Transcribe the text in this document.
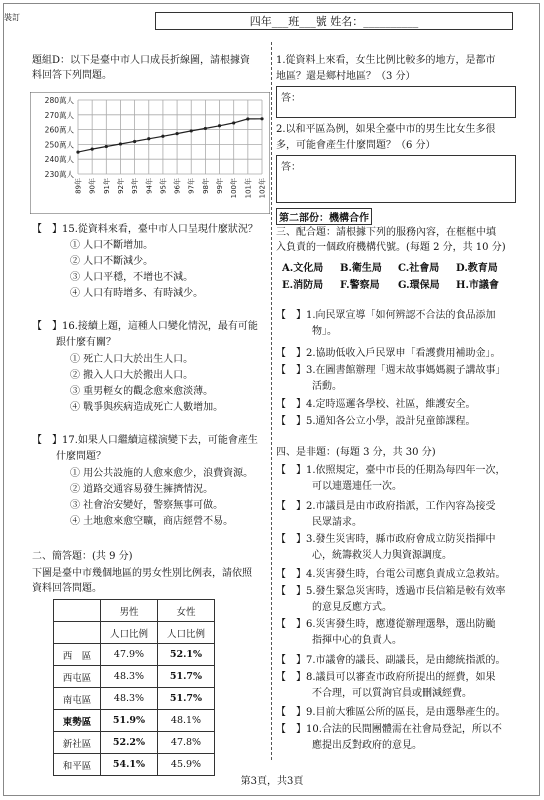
裝訂	四年___班___號 姓名：__________
題組D：以下是臺中市人口成長折線圖，請根據資
料回答下列問題。
280萬人
270萬人
260萬人
250萬人
240萬人
230萬人
89年 90年 91年 92年 93年 94年 95年 96年 97年 98年 99年 100年 101年 102年
【　】15.從資料來看，臺中市人口呈現什麼狀況？
① 人口不斷增加。
② 人口不斷減少。
③ 人口平穩，不增也不減。
④ 人口有時增多、有時減少。
【　】16.接續上題，這種人口變化情況，最有可能
跟什麼有關？
① 死亡人口大於出生人口。
② 搬入人口大於搬出人口。
③ 重男輕女的觀念愈來愈淡薄。
④ 戰爭與疾病造成死亡人數增加。
【　】17.如果人口繼續這樣演變下去，可能會產生
什麼問題？
① 用公共設施的人愈來愈少，浪費資源。
② 道路交通容易發生擁擠情況。
③ 社會治安變好，警察無事可做。
④ 土地愈來愈空曠，商店經營不易。
二、簡答題：(共 9 分)
下圖是臺中市幾個地區的男女性別比例表，請依照
資料回答問題。
	男性	女性
	人口比例	人口比例
西　區	47.9%	52.1%
西屯區	48.3%	51.7%
南屯區	48.3%	51.7%
東勢區	51.9%	48.1%
新社區	52.2%	47.8%
和平區	54.1%	45.9%
1.從資料上來看，女生比例比較多的地方，是都市
地區？還是鄉村地區？（3 分）
答：
2.以和平區為例，如果全臺中市的男生比女生多很
多，可能會產生什麼問題？（6 分）
答：
第二部份：機構合作
三、配合題：請根據下列的服務內容，在框框中填
入負責的一個政府機構代號。(每題 2 分，共 10 分)
A.文化局 B.衛生局 C.社會局 D.教育局
E.消防局 F.警察局 G.環保局 H.市議會
【　】1.向民眾宣導「如何辨認不合法的食品添加
物」。
【　】2.協助低收入戶民眾申「看護費用補助金」。
【　】3.在圖書館辦理「週末故事媽媽親子講故事」
活動。
【　】4.定時巡邏各學校、社區，維護安全。
【　】5.通知各公立小學，設計兒童節課程。
四、是非題：(每題 3 分，共 30 分)
【　】1.依照規定，臺中市長的任期為每四年一次，
可以連選連任一次。
【　】2.市議員是由市政府指派，工作內容為接受
民眾請求。
【　】3.發生災害時，縣市政府會成立防災指揮中
心，統籌救災人力與資源調度。
【　】4.災害發生時，台電公司應負責成立急救站。
【　】5.發生緊急災害時，透過市長信箱是較有效率
的意見反應方式。
【　】6.災害發生時，應遵從辦理選舉，選出防颱
指揮中心的負責人。
【　】7.市議會的議長、副議長，是由總統指派的。
【　】8.議員可以審查市政府所提出的經費，如果
不合理，可以質詢官員或刪減經費。
【　】9.目前大雅區公所的區長，是由選舉產生的。
【　】10.合法的民間團體需在社會局登記，所以不
應提出反對政府的意見。
第3頁，共3頁
